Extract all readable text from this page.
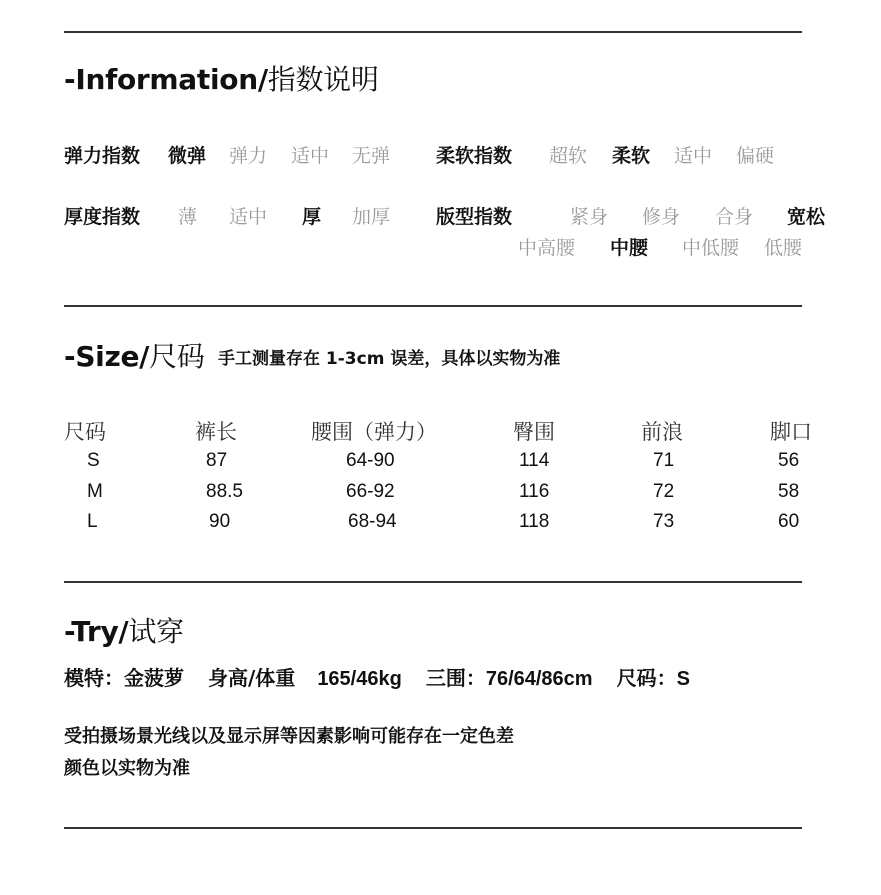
-Information/指数说明
弹力指数 微弹 弹力 适中 无弹 柔软指数 超软 柔软 适中 偏硬
厚度指数 薄 适中 厚 加厚 版型指数	紧身 修身 合身 宽松
中高腰 中腰 中低腰 低腰
-Size/尺码 手工测量存在 1-3cm 误差，具体以实物为准
尺码	裤长	腰围（弹力）	臀围	前浪	脚口
S	87	64-90	114	71	56
M	88.5	66-92	116	72	58
L	90	68-94	118	73	60
-Try/试穿
模特：金菠萝 身高/体重 165/46kg 三围：76/64/86cm 尺码：S
受拍摄场景光线以及显示屏等因素影响可能存在一定色差
颜色以实物为准
